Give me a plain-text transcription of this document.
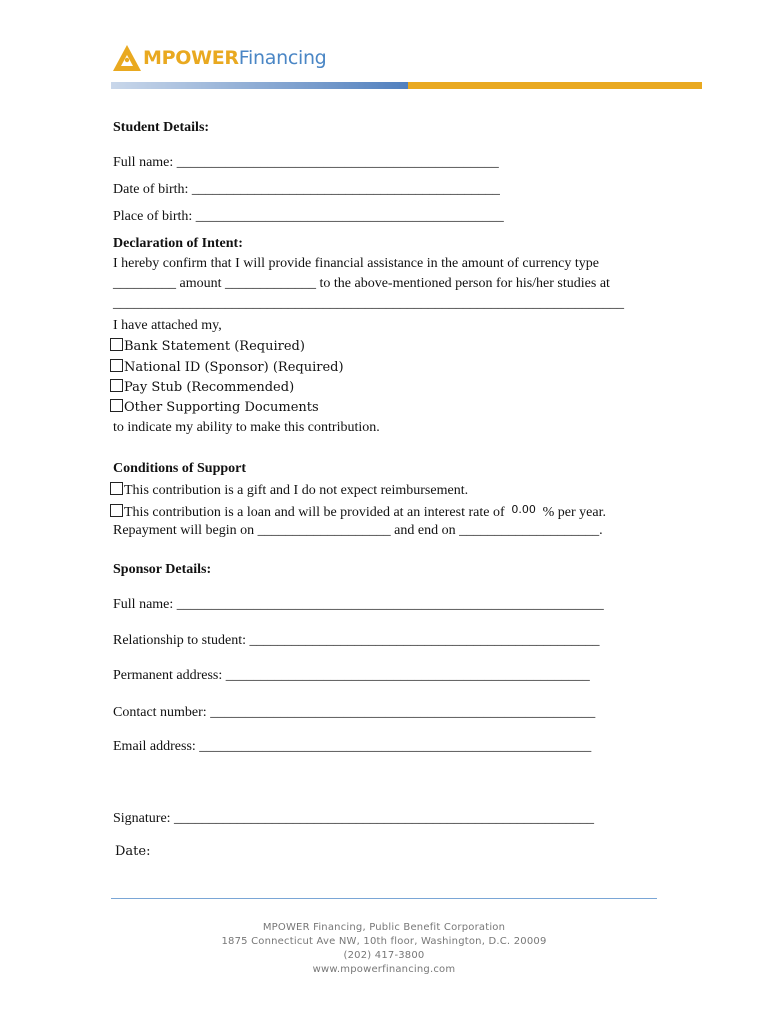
MPOWERFinancing
Student Details:
Full name: ______________________________________________
Date of birth: ____________________________________________
Place of birth: ____________________________________________
Declaration of Intent:
I hereby confirm that I will provide financial assistance in the amount of currency type
_________ amount _____________ to the above-mentioned person for his/her studies at
_________________________________________________________________________
I have attached my,
Bank Statement (Required)
National ID (Sponsor) (Required)
Pay Stub (Recommended)
Other Supporting Documents
to indicate my ability to make this contribution.
Conditions of Support
This contribution is a gift and I do not expect reimbursement.
This contribution is a loan and will be provided at an interest rate of 0.00 % per year.
Repayment will begin on ___________________ and end on ____________________.
Sponsor Details:
Full name: _____________________________________________________________
Relationship to student: __________________________________________________
Permanent address: ____________________________________________________
Contact number: _______________________________________________________
Email address: ________________________________________________________
Signature: ____________________________________________________________
Date:
MPOWER Financing, Public Benefit Corporation
1875 Connecticut Ave NW, 10th floor, Washington, D.C. 20009
(202) 417-3800
www.mpowerfinancing.com
